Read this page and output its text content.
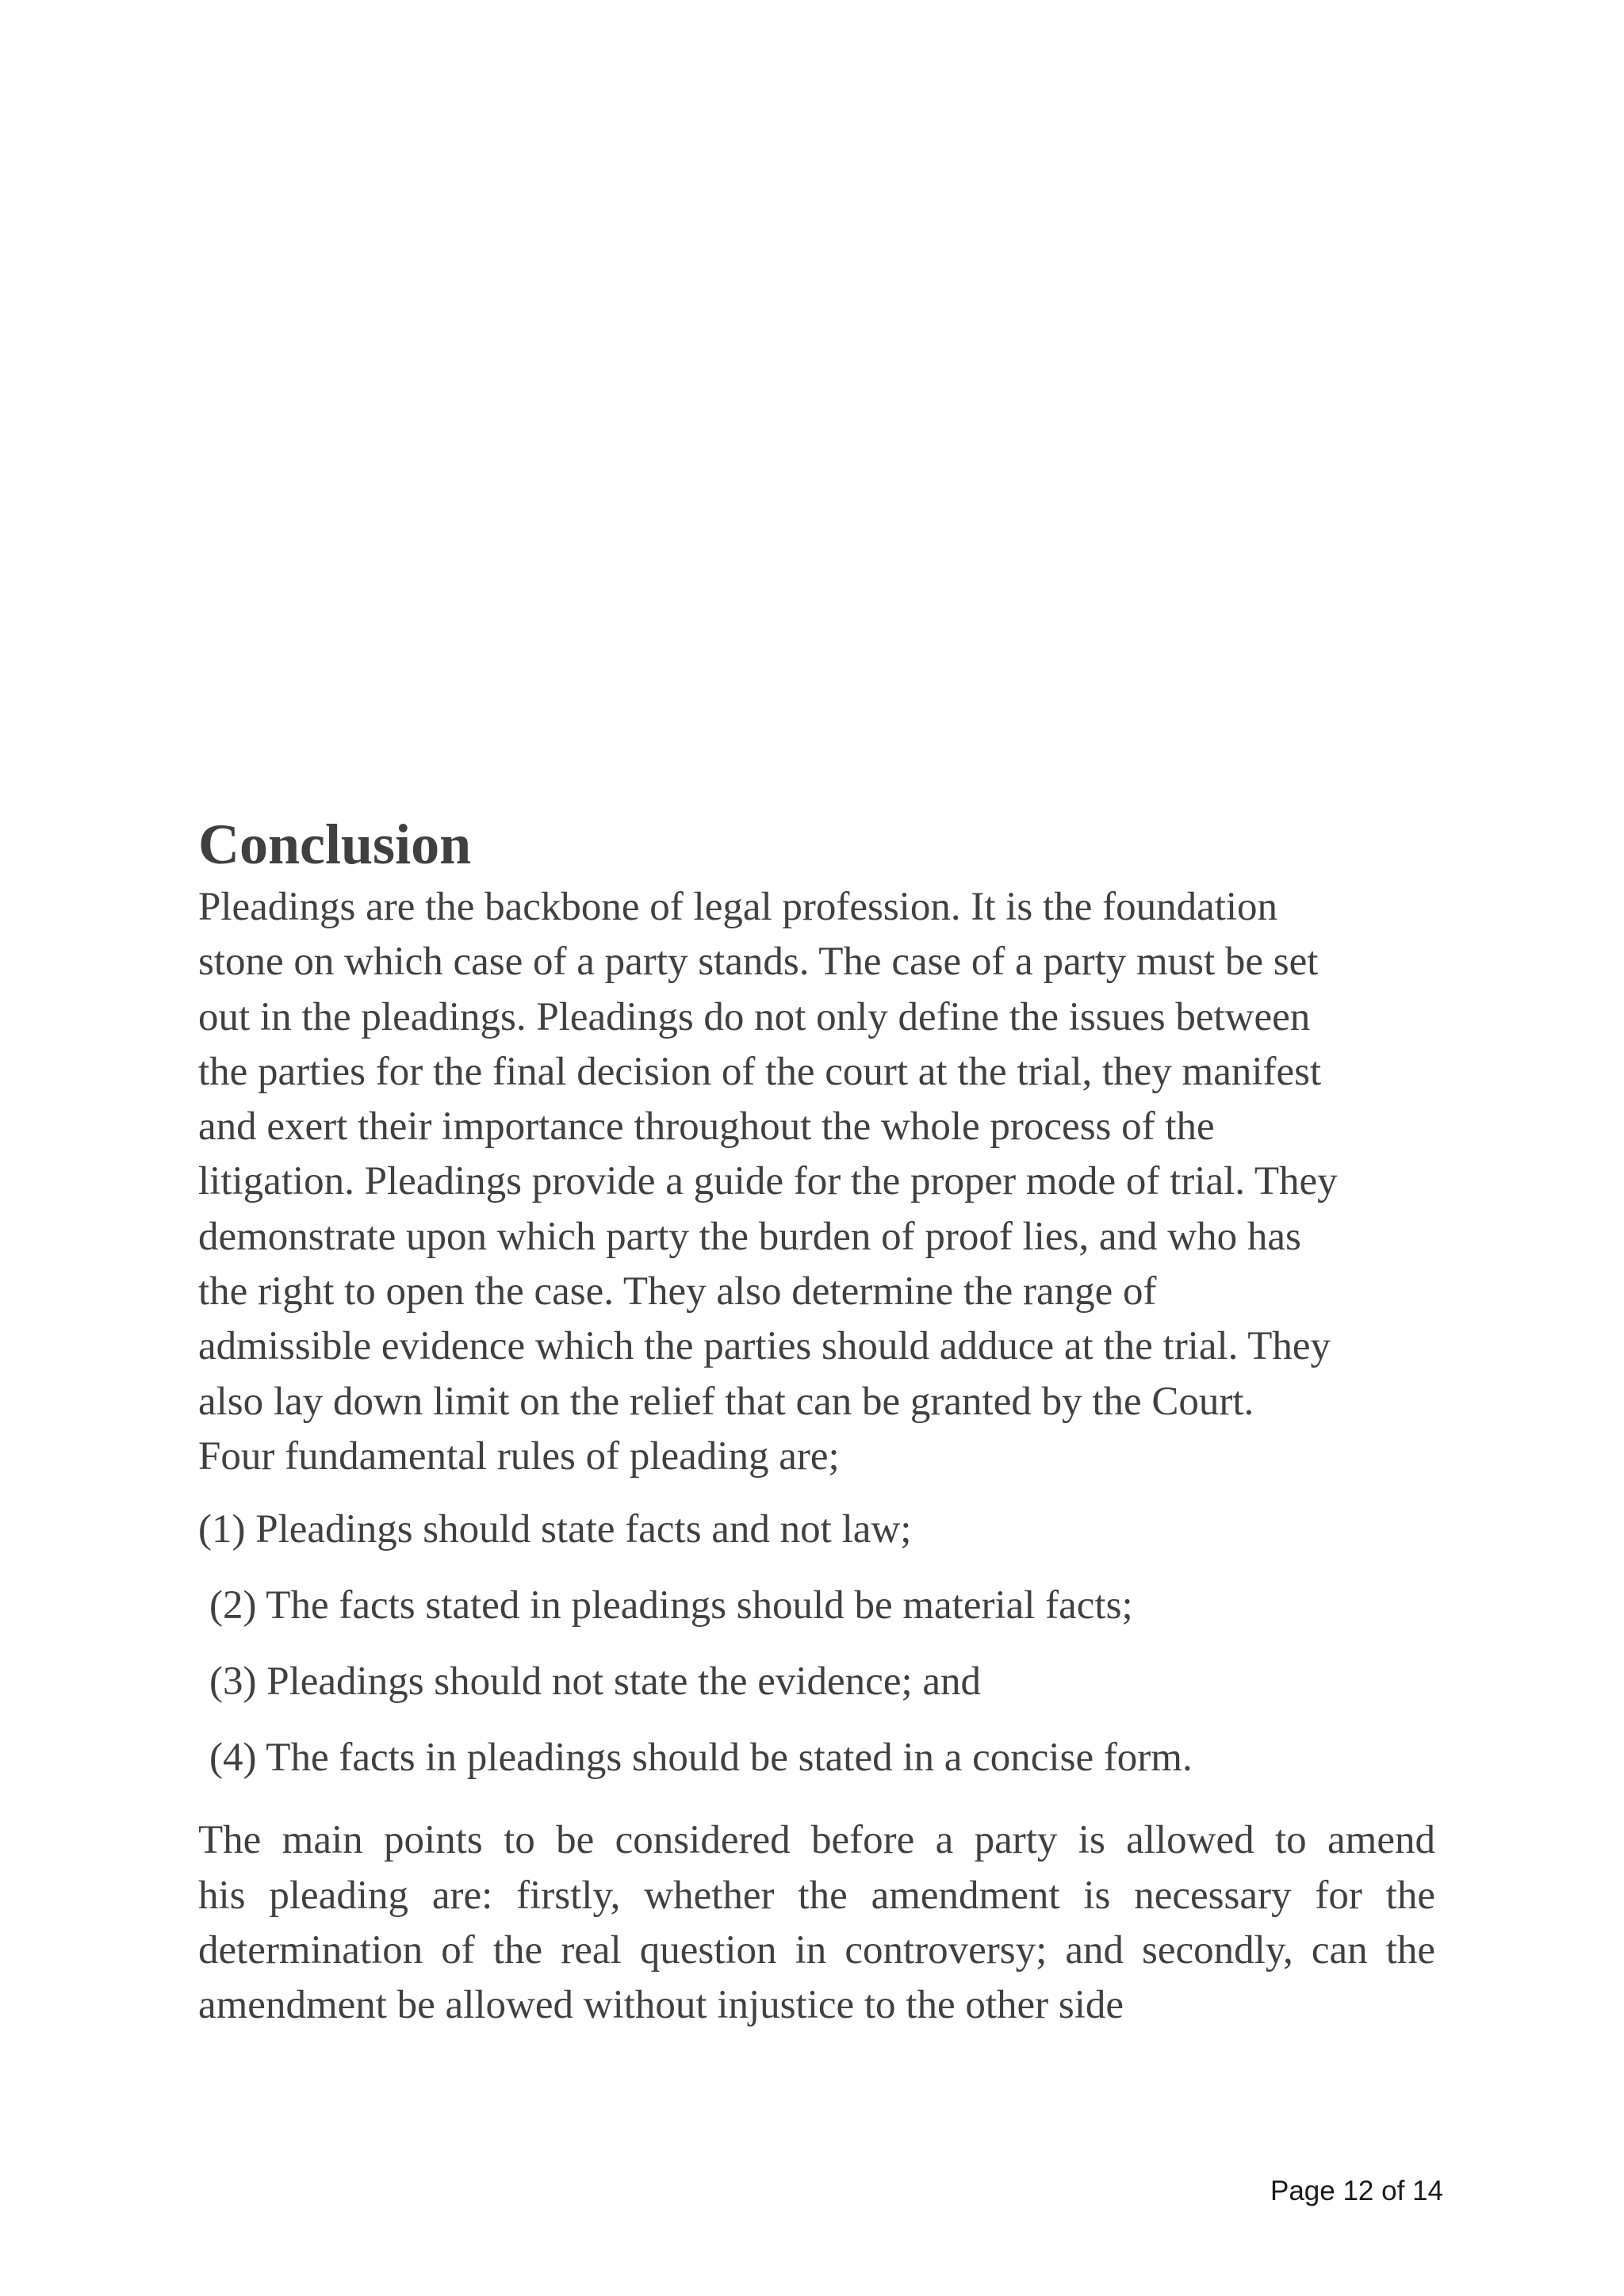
Conclusion

Pleadings are the backbone of legal profession. It is the foundation
stone on which case of a party stands. The case of a party must be set
out in the pleadings. Pleadings do not only define the issues between
the parties for the final decision of the court at the trial, they manifest
and exert their importance throughout the whole process of the
litigation. Pleadings provide a guide for the proper mode of trial. They
demonstrate upon which party the burden of proof lies, and who has
the right to open the case. They also determine the range of
admissible evidence which the parties should adduce at the trial. They
also lay down limit on the relief that can be granted by the Court.
Four fundamental rules of pleading are;

(1) Pleadings should state facts and not law;
(2) The facts stated in pleadings should be material facts;
(3) Pleadings should not state the evidence; and
(4) The facts in pleadings should be stated in a concise form.

The main points to be considered before a party is allowed to amend
his pleading are: firstly, whether the amendment is necessary for the
determination of the real question in controversy; and secondly, can the
amendment be allowed without injustice to the other side

Page 12 of 14
